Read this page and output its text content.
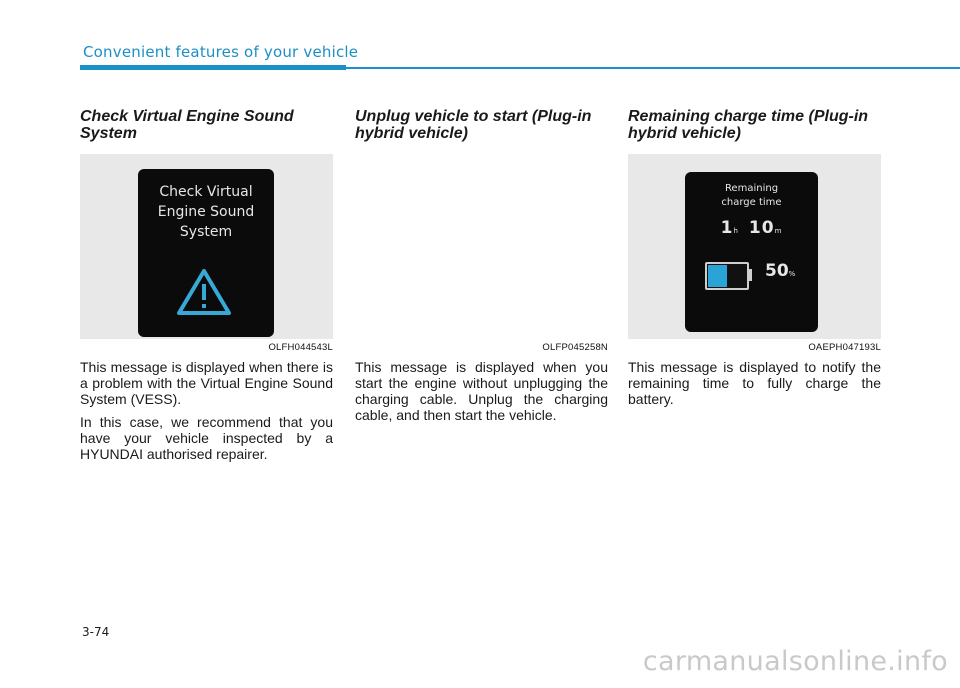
Convenient features of your vehicle
Check Virtual Engine Sound System
Check Virtual
Engine Sound
System
OLFH044543L

This message is displayed when there is a problem with the Virtual Engine Sound System (VESS).

In this case, we recommend that you have your vehicle inspected by a HYUNDAI authorised repairer.

Unplug vehicle to start (Plug-in hybrid vehicle)
OLFP045258N

This message is displayed when you start the engine without unplugging the charging cable. Unplug the charging cable, and then start the vehicle.

Remaining charge time (Plug-in hybrid vehicle)
Remaining
charge time
1h 10m
50%
OAEPH047193L

This message is displayed to notify the remaining time to fully charge the battery.

3-74
carmanualsonline.info
